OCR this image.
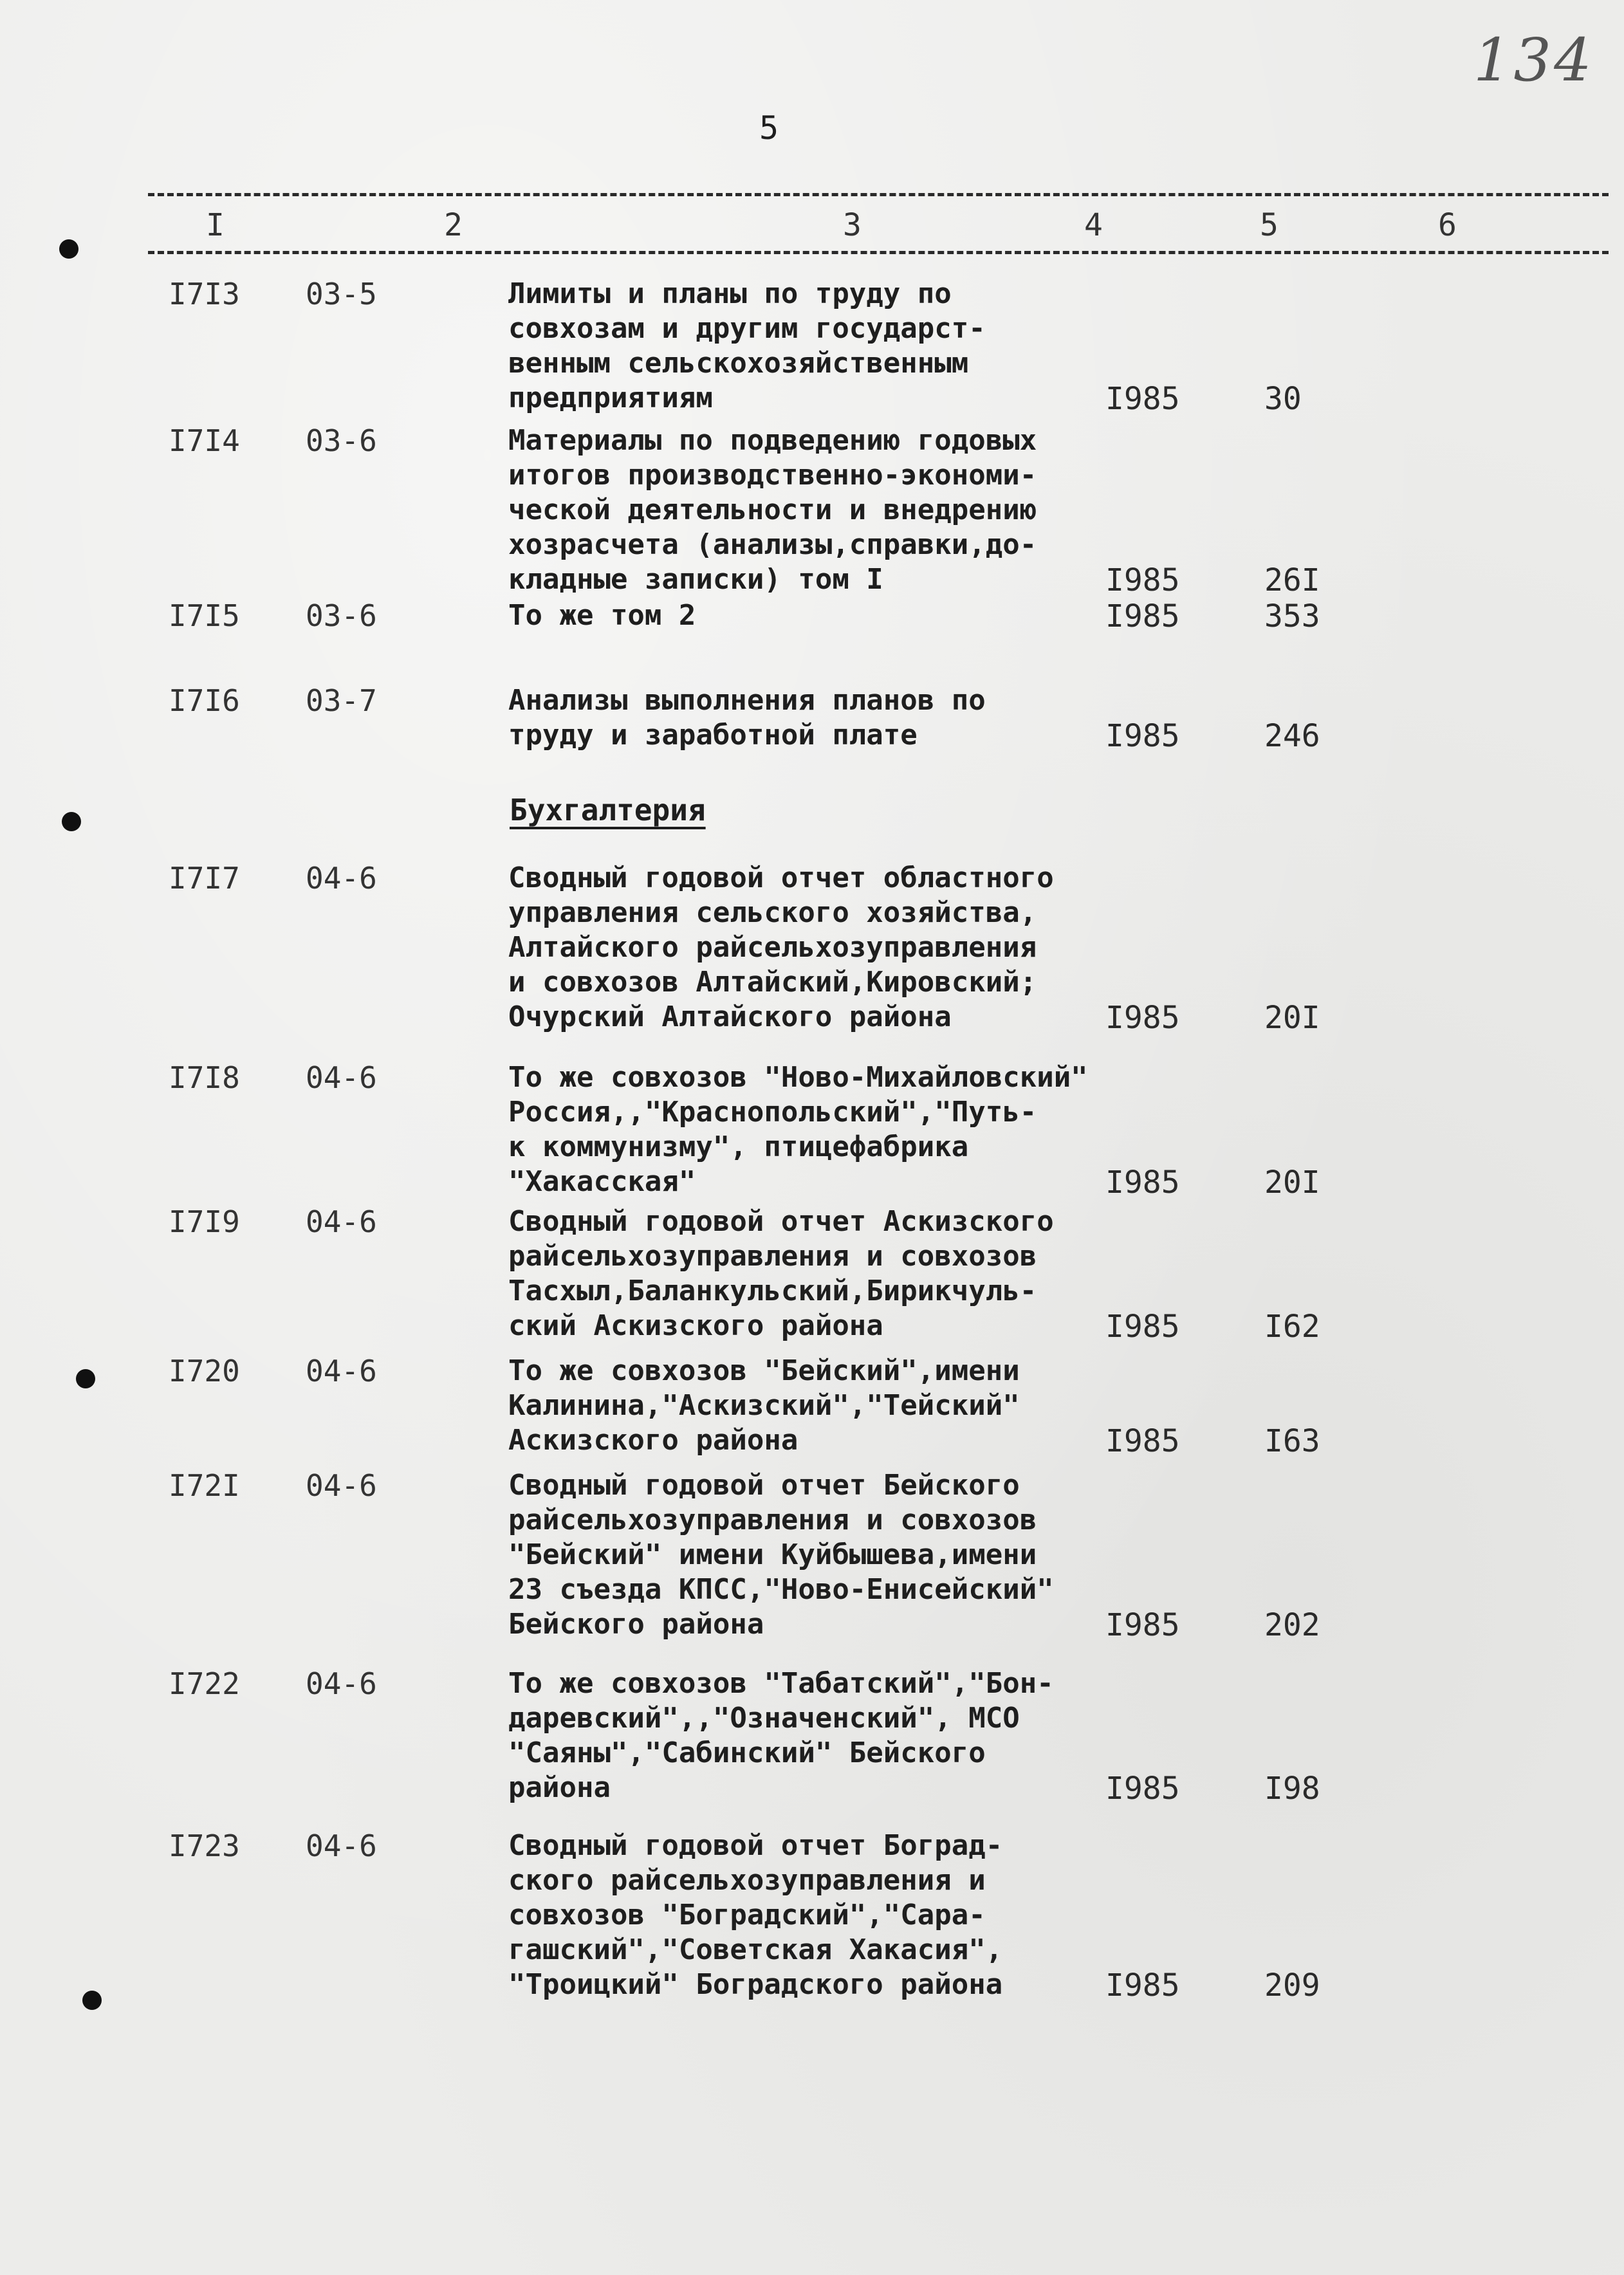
134
5
I	2	3	4	5	6
Бухгалтерия
I7I3 03-5	Лимиты и планы по труду по
совхозам и другим государст-
венным сельскохозяйственным
предприятиям	I985	30
I7I4 03-6	Материалы по подведению годовых
итогов производственно-экономи-
ческой деятельности и внедрению
хозрасчета (анализы,справки,до-
кладные записки) том I	I985	26I
I7I5 03-6	То же том 2	I985	353
I7I6 03-7	Анализы выполнения планов по
труду и заработной плате	I985	246
I7I7 04-6	Сводный годовой отчет областного
управления сельского хозяйства,
Алтайского райсельхозуправления
и совхозов Алтайский,Кировский;
Очурский Алтайского района	I985	20I
I7I8 04-6	То же совхозов "Ново-Михайловский"
Россия,,"Краснопольский","Путь-
к коммунизму", птицефабрика
"Хакасская"	I985	20I
I7I9 04-6	Сводный годовой отчет Аскизского
райсельхозуправления и совхозов
Тасхыл,Баланкульский,Бирикчуль-
ский Аскизского района	I985	I62
I720 04-6	То же совхозов "Бейский",имени
Калинина,"Аскизский","Тейский"
Аскизского района	I985	I63
I72I 04-6	Сводный годовой отчет Бейского
райсельхозуправления и совхозов
"Бейский" имени Куйбышева,имени
23 съезда КПСС,"Ново-Енисейский"
Бейского района	I985	202
I722 04-6	То же совхозов "Табатский","Бон-
даревский",,"Означенский", МСО
"Саяны","Сабинский" Бейского
района	I985	I98
I723 04-6	Сводный годовой отчет Боград-
ского райсельхозуправления и
совхозов "Боградский","Сара-
гашский","Советская Хакасия",
"Троицкий" Боградского района	I985	209
